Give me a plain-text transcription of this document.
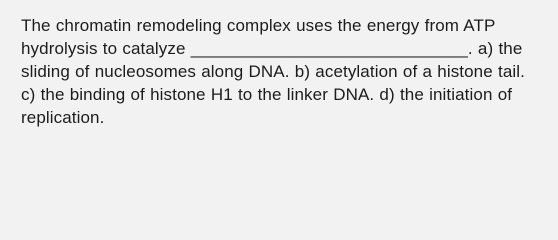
The chromatin remodeling complex uses the energy from ATP hydrolysis to catalyze _____________________________. a) the sliding of nucleosomes along DNA. b) acetylation of a histone tail. c) the binding of histone H1 to the linker DNA. d) the initiation of replication.
